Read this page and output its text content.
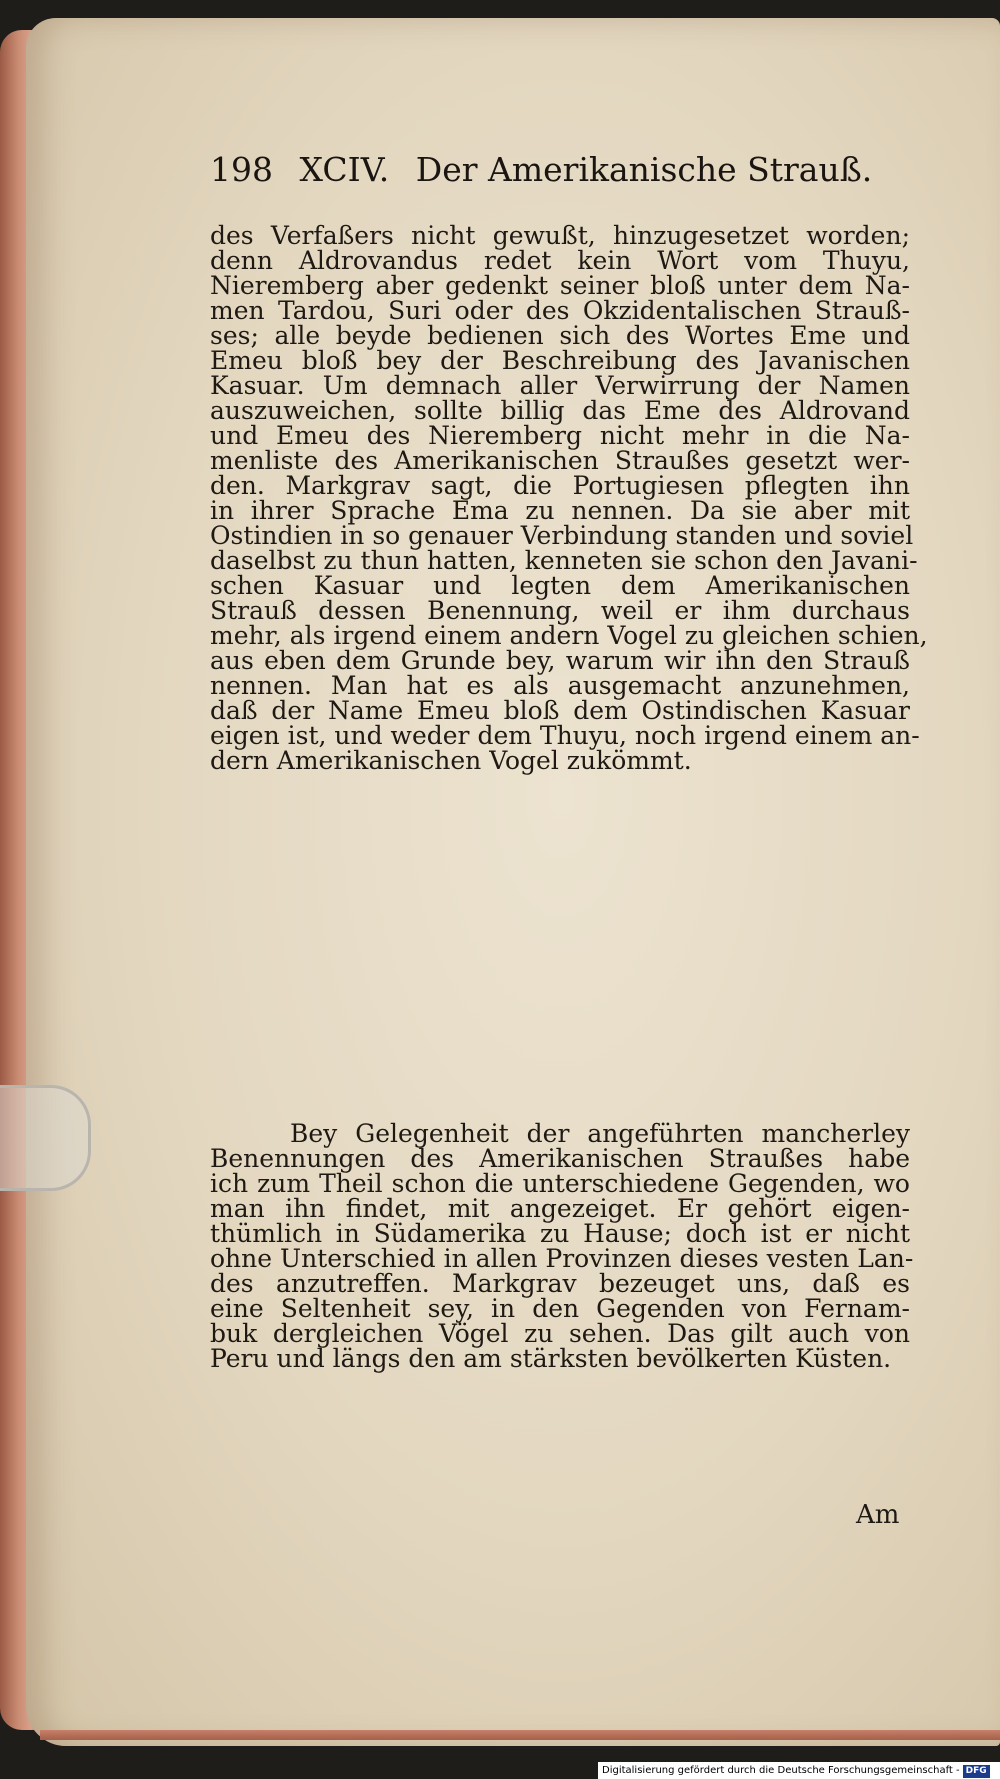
198 XCIV. Der Amerikanische Strauß.
des Verfaßers nicht gewußt, hinzugesetzet worden;
denn Aldrovandus redet kein Wort vom Thuyu,
Nieremberg aber gedenkt seiner bloß unter dem Na-
men Tardou, Suri oder des Okzidentalischen Strauß-
ses; alle beyde bedienen sich des Wortes Eme und
Emeu bloß bey der Beschreibung des Javanischen
Kasuar. Um demnach aller Verwirrung der Namen
auszuweichen, sollte billig das Eme des Aldrovand
und Emeu des Nieremberg nicht mehr in die Na-
menliste des Amerikanischen Straußes gesetzt wer-
den. Markgrav sagt, die Portugiesen pflegten ihn
in ihrer Sprache Ema zu nennen. Da sie aber mit
Ostindien in so genauer Verbindung standen und soviel
daselbst zu thun hatten, kenneten sie schon den Javani-
schen Kasuar und legten dem Amerikanischen
Strauß dessen Benennung, weil er ihm durchaus
mehr, als irgend einem andern Vogel zu gleichen schien,
aus eben dem Grunde bey, warum wir ihn den Strauß
nennen. Man hat es als ausgemacht anzunehmen,
daß der Name Emeu bloß dem Ostindischen Kasuar
eigen ist, und weder dem Thuyu, noch irgend einem an-
dern Amerikanischen Vogel zukömmt.
Bey Gelegenheit der angeführten mancherley
Benennungen des Amerikanischen Straußes habe
ich zum Theil schon die unterschiedene Gegenden, wo
man ihn findet, mit angezeiget. Er gehört eigen-
thümlich in Südamerika zu Hause; doch ist er nicht
ohne Unterschied in allen Provinzen dieses vesten Lan-
des anzutreffen. Markgrav bezeuget uns, daß es
eine Seltenheit sey, in den Gegenden von Fernam-
buk dergleichen Vögel zu sehen. Das gilt auch von
Peru und längs den am stärksten bevölkerten Küsten.
Am
Digitalisierung gefördert durch die Deutsche Forschungsgemeinschaft - DFG
